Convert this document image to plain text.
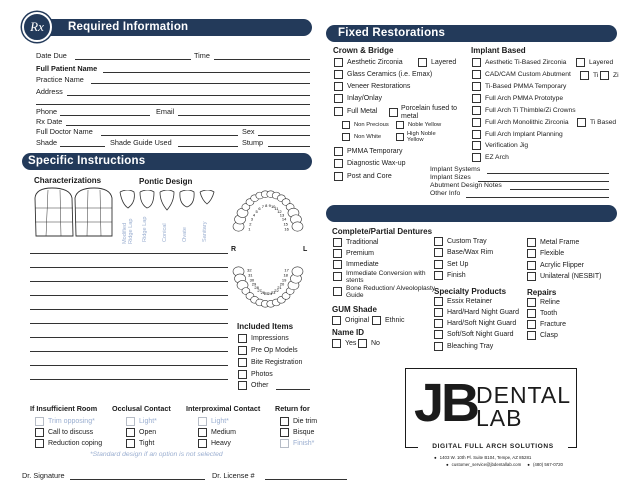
Required Information
Rx
Date Due	Time
Full Patient Name
Practice Name
Address
Phone	Email
Rx Date
Full Doctor Name	Sex
Shade	Shade Guide Used	Stump
Specific Instructions
Characterizations	Pontic Design
Modified Ridge Lap Ridge Lap	Conical	Ovate	Sanitary	1
2
3
4
5
6 7 8 9 10
11
12
13
14
15
16
32
31
30
29
28
27
26
25 24
23
22
21
20
19
18
17
R	L
Included Items
Impressions
Pre Op Models
Bite Registration
Photos
Other
If Insufficient Room
Trim opposing*
Call to discuss
Reduction coping
Occlusal Contact
Light*
Open
Tight
Interproximal Contact
Light*
Medium
Heavy
Return for
Die trim
Bisque
Finish*
*Standard design if an option is not selected
Dr. Signature	Dr. License #
Fixed Restorations
Crown & Bridge
Aesthetic Zirconia	Layered
Glass Ceramics (i.e. Emax)
Veneer Restorations
Inlay/Onlay
Full Metal	Porcelain fused to metal
Non Precious	Noble Yellow
Non White	High Noble Yellow
PMMA Temporary
Diagnostic Wax-up
Post and Core
Implant Based
Aesthetic Ti-Based Zirconia	Layered
CAD/CAM Custom Abutment	Ti Zi
Ti-Based PMMA Temporary
Full Arch PMMA Prototype
Full Arch Ti Thimble/Zi Crowns
Full Arch Monolithic Zirconia	Ti Based
Full Arch Implant Planning
Verification Jig
EZ Arch
Implant Systems
Implant Sizes
Abutment Design Notes
Other Info
Complete/Partial Dentures
Traditional
Premium
Immediate
Immediate Conversion with stents
Bone Reduction/ Alveoloplasty Guide
Custom Tray
Base/Wax Rim
Set Up
Finish
Metal Frame
Flexible
Acrylic Flipper
Unilateral (NESBIT)
GUM Shade
Original Ethnic
Name ID
Yes No
Specialty Products
Essix Retainer
Hard/Hard Night Guard
Hard/Soft Night Guard
Soft/Soft Night Guard
Bleaching Tray
Repairs
Reline
Tooth
Fracture
Clasp
JB
DENTAL
LAB
DIGITAL FULL ARCH SOLUTIONS
● 1403 W. 10th Pl. Suite B104, Tempe, AZ 85281
● customer_service@jbdentallab.com ● (480) 567-0720
